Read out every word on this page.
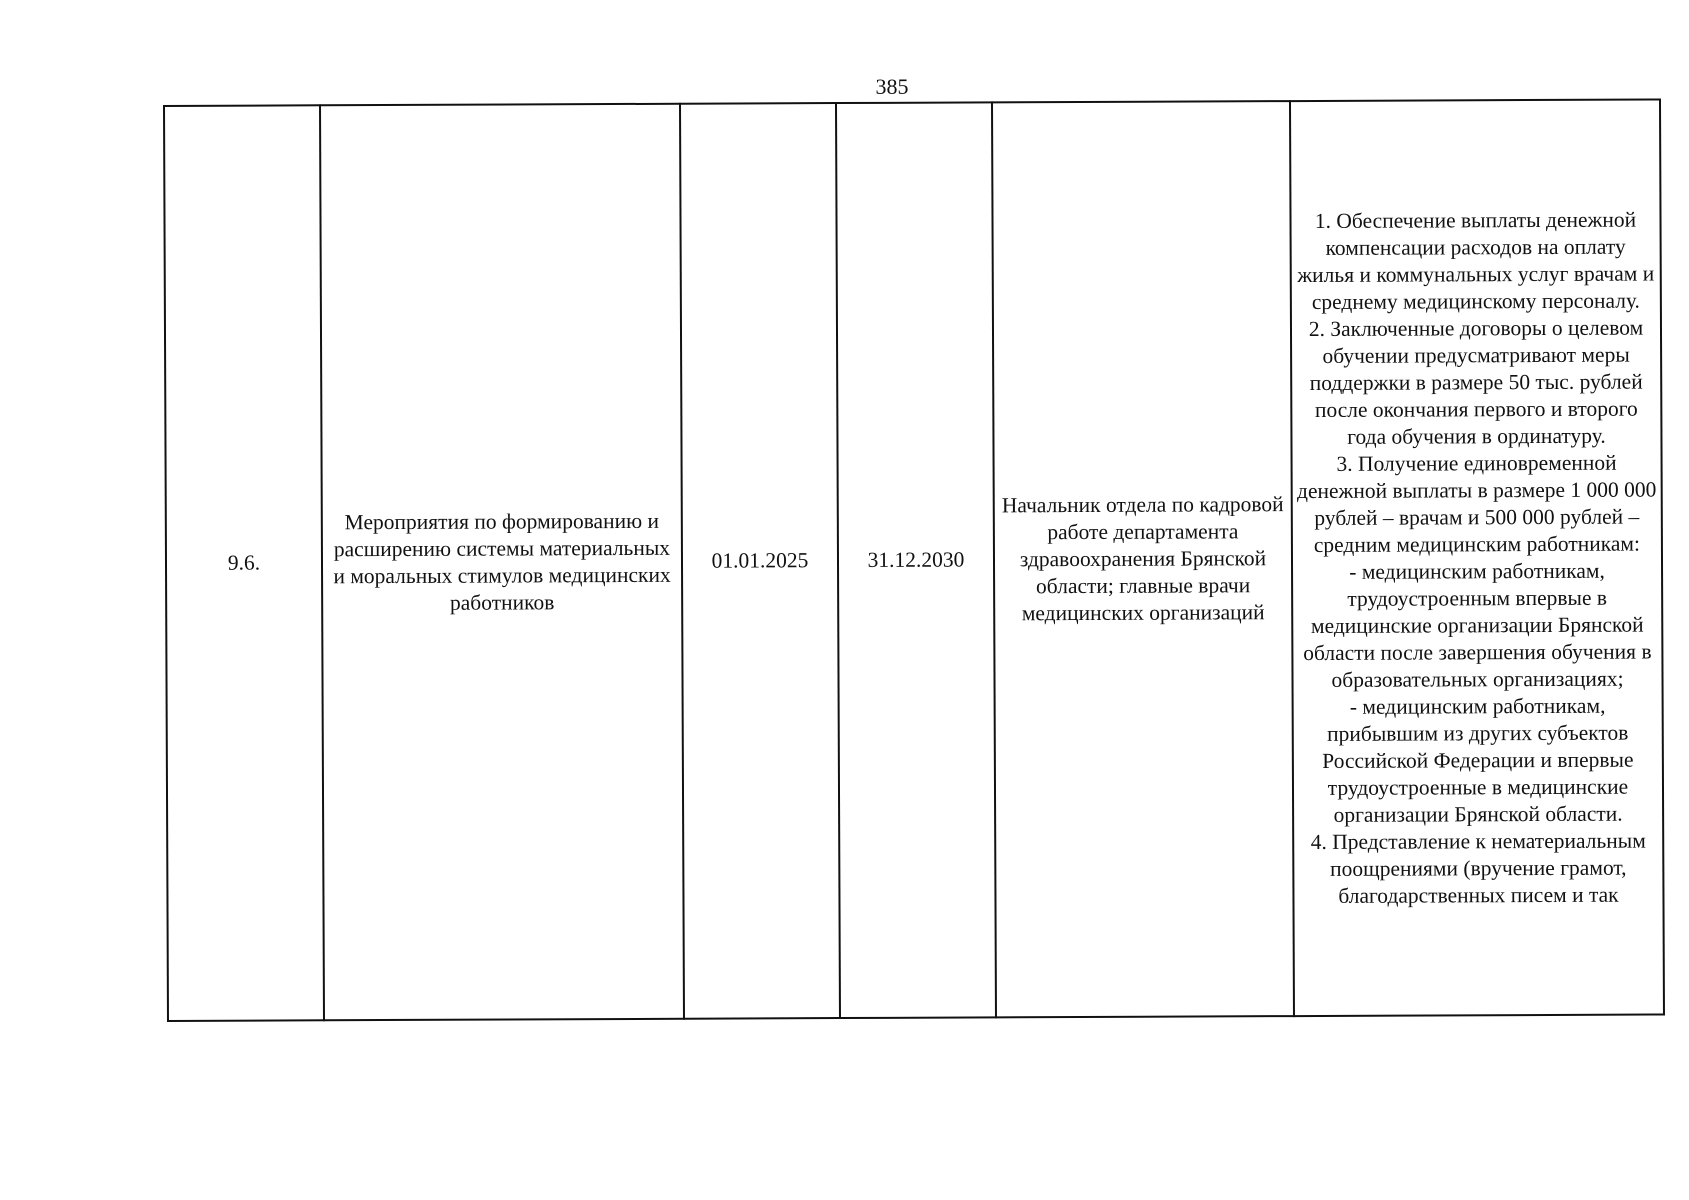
385
9.6.

Мероприятия по формированию и расширению системы материальных и моральных стимулов медицинских работников

01.01.2025	31.12.2030

Начальник отдела по кадровой работе департамента здравоохранения Брянской области; главные врачи медицинских организаций

1. Обеспечение выплаты денежной компенсации расходов на оплату жилья и коммунальных услуг врачам и среднему медицинскому персоналу.
2. Заключенные договоры о целевом обучении предусматривают меры поддержки в размере 50 тыс. рублей после окончания первого и второго года обучения в ординатуру.
3. Получение единовременной денежной выплаты в размере 1 000 000 рублей – врачам и 500 000 рублей – средним медицинским работникам:
- медицинским работникам, трудоустроенным впервые в медицинские организации Брянской области после завершения обучения в образовательных организациях;
- медицинским работникам, прибывшим из других субъектов Российской Федерации и впервые трудоустроенные в медицинские организации Брянской области.
4. Представление к нематериальным поощрениями (вручение грамот, благодарственных писем и так
